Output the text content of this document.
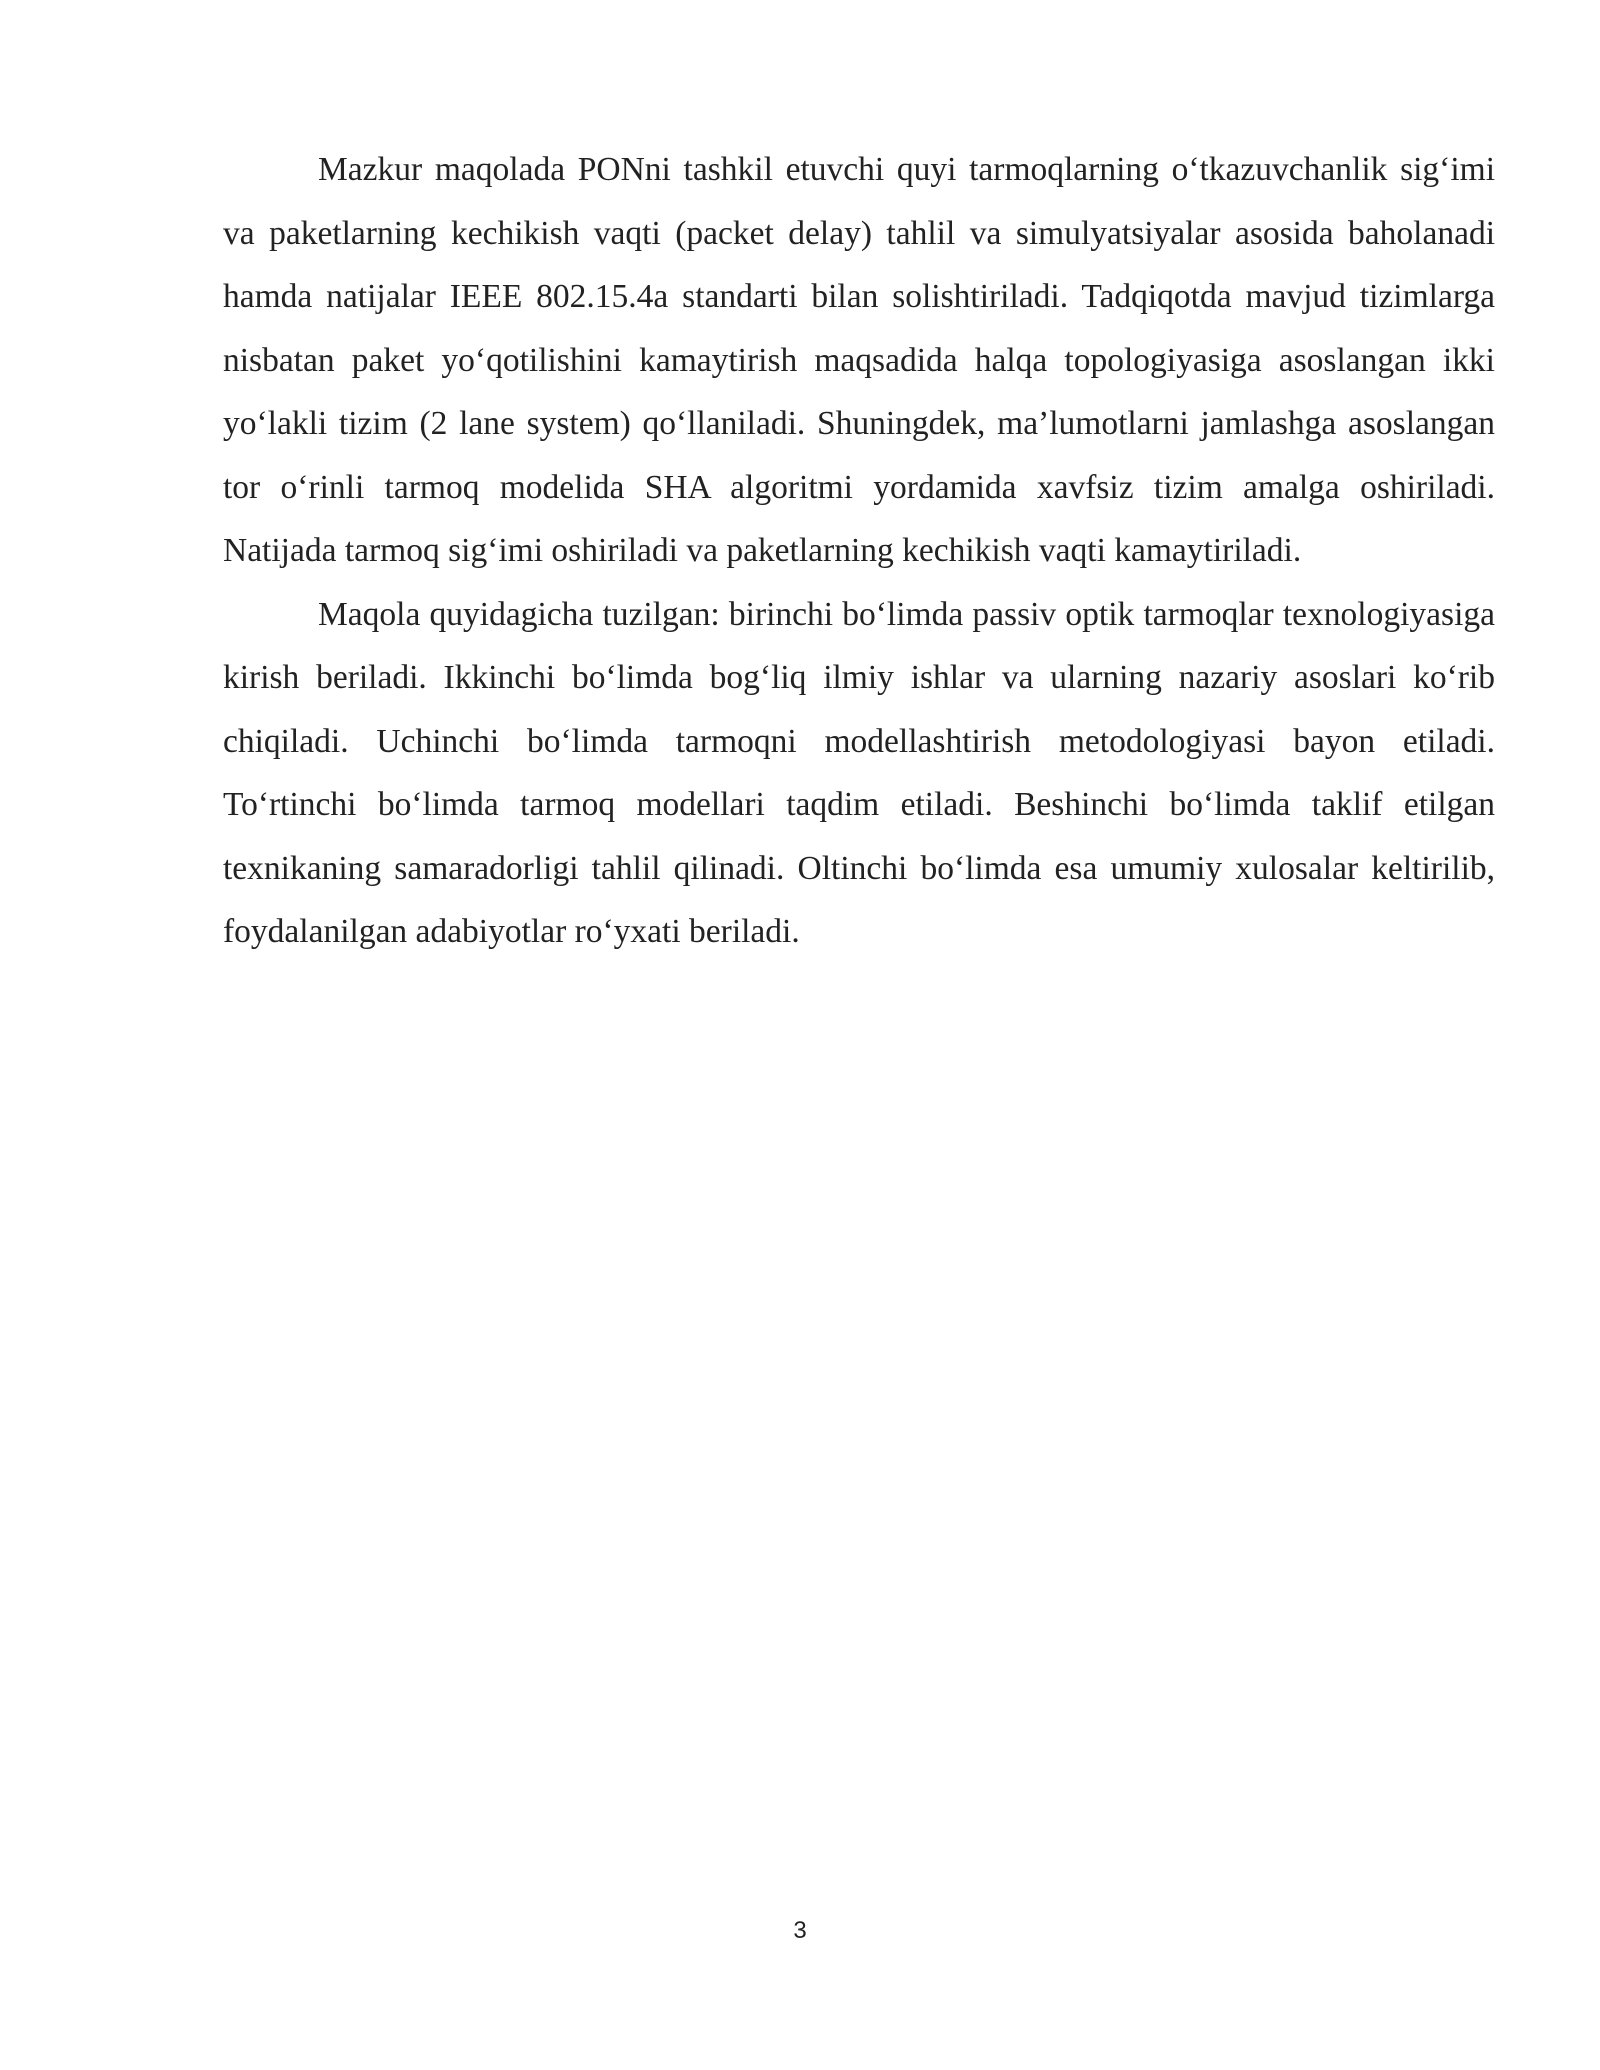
Mazkur maqolada PONni tashkil etuvchi quyi tarmoqlarning o‘tkazuvchanlik sig‘imi va paketlarning kechikish vaqti (packet delay) tahlil va simulyatsiyalar asosida baholanadi hamda natijalar IEEE 802.15.4a standarti bilan solishtiriladi. Tadqiqotda mavjud tizimlarga nisbatan paket yo‘qotilishini kamaytirish maqsadida halqa topologiyasiga asoslangan ikki yo‘lakli tizim (2 lane system) qo‘llaniladi. Shuningdek, ma’lumotlarni jamlashga asoslangan tor o‘rinli tarmoq modelida SHA algoritmi yordamida xavfsiz tizim amalga oshiriladi. Natijada tarmoq sig‘imi oshiriladi va paketlarning kechikish vaqti kamaytiriladi.

Maqola quyidagicha tuzilgan: birinchi bo‘limda passiv optik tarmoqlar texnologiyasiga kirish beriladi. Ikkinchi bo‘limda bog‘liq ilmiy ishlar va ularning nazariy asoslari ko‘rib chiqiladi. Uchinchi bo‘limda tarmoqni modellashtirish metodologiyasi bayon etiladi. To‘rtinchi bo‘limda tarmoq modellari taqdim etiladi. Beshinchi bo‘limda taklif etilgan texnikaning samaradorligi tahlil qilinadi. Oltinchi bo‘limda esa umumiy xulosalar keltirilib, foydalanilgan adabiyotlar ro‘yxati beriladi.

3
